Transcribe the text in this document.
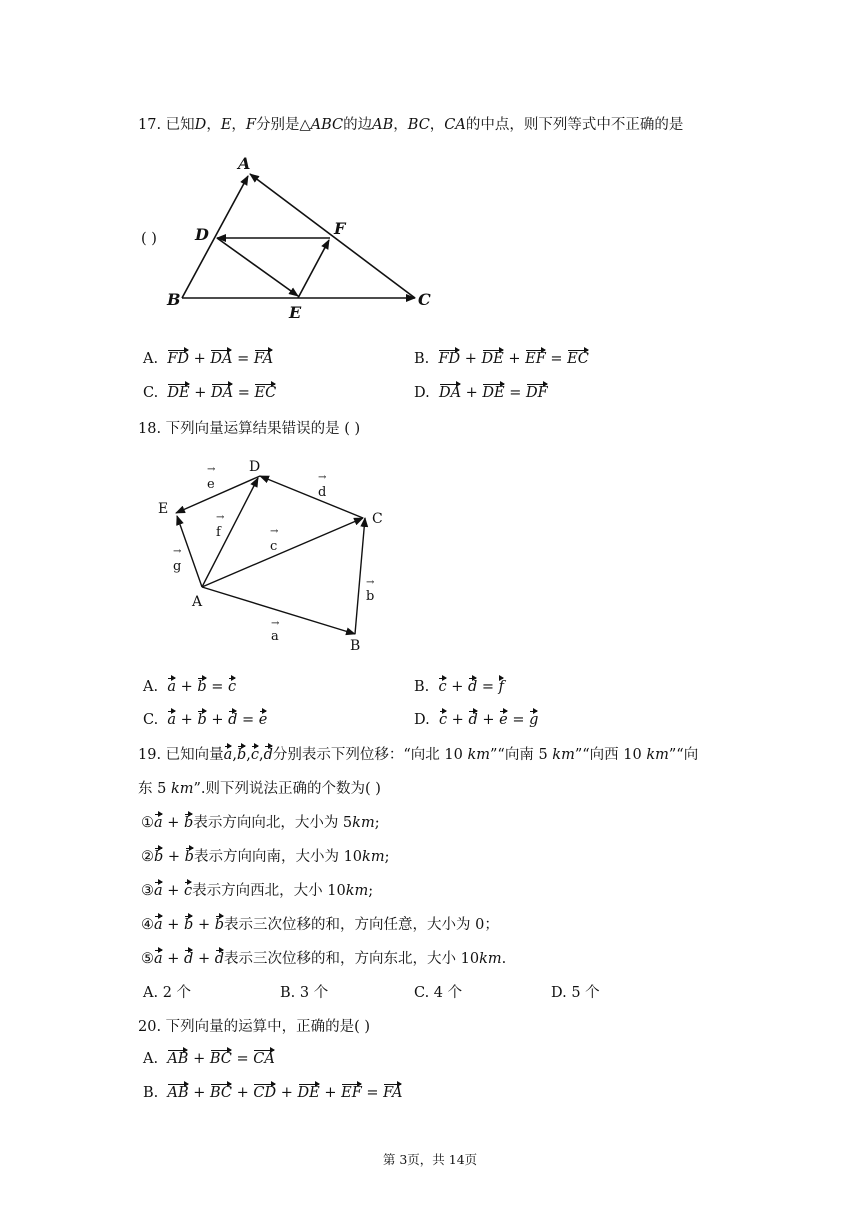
17. 已知D，E，F分别是△ABC的边AB，BC，CA的中点，则下列等式中不正确的是
( )
A
B	C
D
E
F
A. FD + DA = FA	B. FD + DE + EF = EC
C. DE + DA = EC	D. DA + DE = DF
18. 下列向量运算结果错误的是 ( )
A
B
C
D
E
a
→
b
→
c
→
d
→
e
→
f
→
g
→
A. a + b = c	B. c + d = f
C. a + b + d = e	D. c + d + e = g
19. 已知向量a,b,c,d分别表示下列位移：“向北 10 km”“向南 5 km”“向西 10 km”“向
东 5 km”.则下列说法正确的个数为( )
①a + b表示方向向北，大小为 5km;
②b + b表示方向向南，大小为 10km;
③a + c表示方向西北，大小 10km;
④a + b + b表示三次位移的和，方向任意，大小为 0；
⑤a + d + d表示三次位移的和，方向东北，大小 10km.
A. 2 个	B. 3 个	C. 4 个	D. 5 个
20. 下列向量的运算中，正确的是( )
A. AB + BC = CA
B. AB + BC + CD + DE + EF = FA
第 3页，共 14页
